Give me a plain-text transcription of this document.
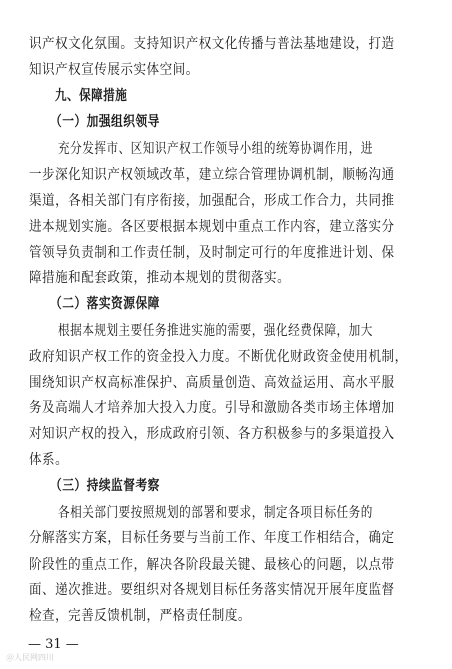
识产权文化氛围。支持知识产权文化传播与普法基地建设，打造
知识产权宣传展示实体空间。
九、保障措施
（一）加强组织领导
充分发挥市、区知识产权工作领导小组的统筹协调作用，进
一步深化知识产权领域改革，建立综合管理协调机制，顺畅沟通
渠道，各相关部门有序衔接，加强配合，形成工作合力，共同推
进本规划实施。各区要根据本规划中重点工作内容，建立落实分
管领导负责制和工作责任制，及时制定可行的年度推进计划、保
障措施和配套政策，推动本规划的贯彻落实。
（二）落实资源保障
根据本规划主要任务推进实施的需要，强化经费保障，加大
政府知识产权工作的资金投入力度。不断优化财政资金使用机制，
围绕知识产权高标准保护、高质量创造、高效益运用、高水平服
务及高端人才培养加大投入力度。引导和激励各类市场主体增加
对知识产权的投入，形成政府引领、各方积极参与的多渠道投入
体系。
（三）持续监督考察
各相关部门要按照规划的部署和要求，制定各项目标任务的
分解落实方案，目标任务要与当前工作、年度工作相结合，确定
阶段性的重点工作，解决各阶段最关键、最核心的问题，以点带
面、递次推进。要组织对各规划目标任务落实情况开展年度监督
检查，完善反馈机制，严格责任制度。
— 31 —
＠人民网四川
